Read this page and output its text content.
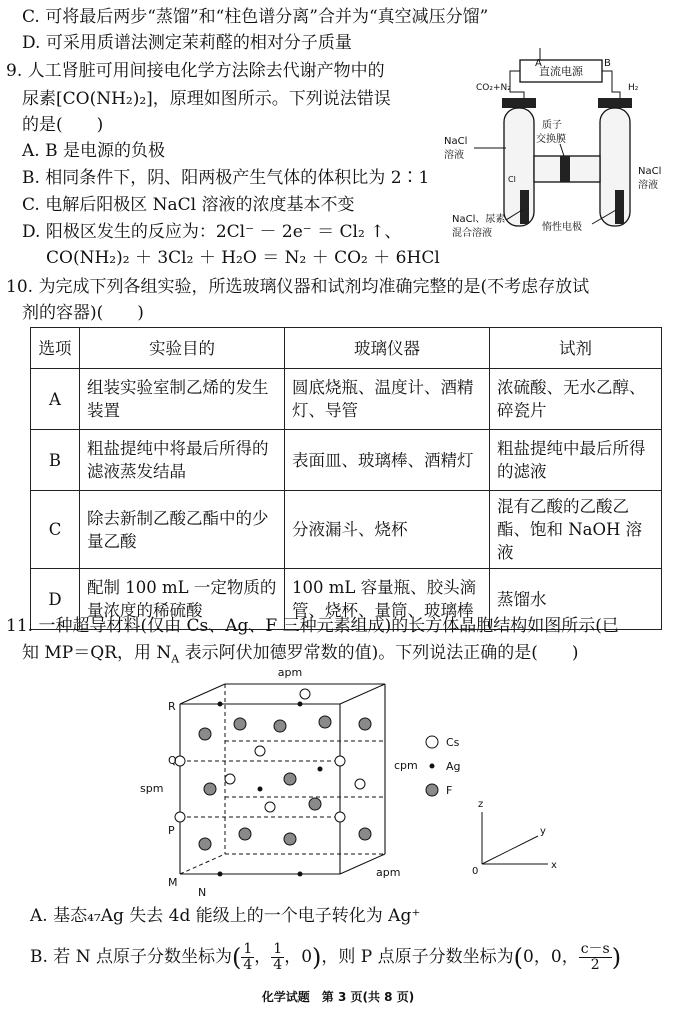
C. 可将最后两步“蒸馏”和“柱色谱分离”合并为“真空减压分馏”
D. 可采用质谱法测定茉莉醛的相对分子质量
9. 人工肾脏可用间接电化学方法除去代谢产物中的
尿素[CO(NH₂)₂]，原理如图所示。下列说法错误
的是(　　)
A. B 是电源的负极
B. 相同条件下，阴、阳两极产生气体的体积比为 2∶1
C. 电解后阳极区 NaCl 溶液的浓度基本不变
D. 阳极区发生的反应为：2Cl⁻ － 2e⁻ ＝ Cl₂ ↑、
CO(NH₂)₂ ＋ 3Cl₂ ＋ H₂O ＝ N₂ ＋ CO₂ ＋ 6HCl
直流电源
A	B
CO₂+N₂	H₂
质子
交换膜
NaCl
溶液
NaCl
溶液
Cl
NaCl、尿素
混合溶液
惰性电极
10. 为完成下列各组实验，所选玻璃仪器和试剂均准确完整的是(不考虑存放试
剂的容器)(　　)
选项	实验目的	玻璃仪器	试剂
A	组装实验室制乙烯的发生装置	圆底烧瓶、温度计、酒精灯、导管	浓硫酸、无水乙醇、碎瓷片
B	粗盐提纯中将最后所得的滤液蒸发结晶	表面皿、玻璃棒、酒精灯	粗盐提纯中最后所得的滤液
C	除去新制乙酸乙酯中的少量乙酸	分液漏斗、烧杯	混有乙酸的乙酸乙酯、饱和 NaOH 溶液
D	配制 100 mL 一定物质的量浓度的稀硫酸	100 mL 容量瓶、胶头滴管、烧杯、量筒、玻璃棒	蒸馏水
11. 一种超导材料(仅由 Cs、Ag、F 三种元素组成)的长方体晶胞结构如图所示(已
知 MP＝QR，用 $N_A$ 表示阿伏加德罗常数的值)。下列说法正确的是(　　)
apm
cpm
spm
apm
R
Q
P
M
N
Cs
Ag
F
z
y
x
0
A. 基态₄₇Ag 失去 4d 能级上的一个电子转化为 Ag⁺
B. 若 N 点原子分数坐标为( $\frac{1}{4}$ ， $\frac{1}{4}$ ，0)，则 P 点原子分数坐标为(0，0， $\frac{c-s}{2}$ )
化学试题　第 3 页(共 8 页)
